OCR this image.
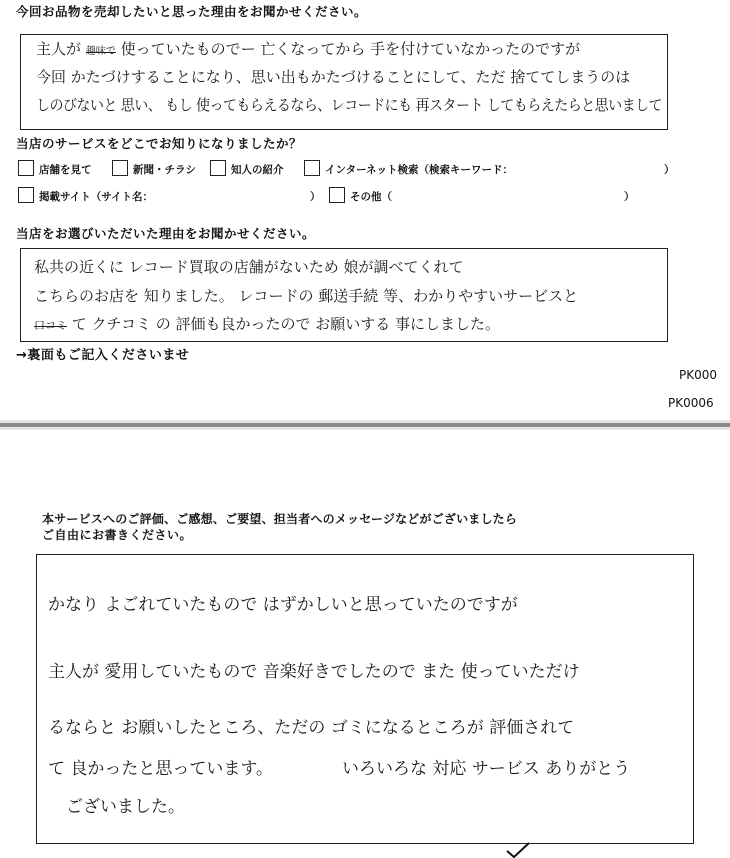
今回お品物を売却したいと思った理由をお聞かせください。
主人が 趣味で 使っていたものでー 亡くなってから 手を付けていなかったのですが
今回 かたづけすることになり、思い出もかたづけることにして、ただ 捨ててしまうのは
しのびないと 思い、 もし 使ってもらえるなら、レコードにも 再スタート してもらえたらと思いまして
当店のサービスをどこでお知りになりましたか？
店舗を見て	新聞・チラシ	知人の紹介	インターネット検索（検索キーワード：	）
掲載サイト（サイト名：	）	その他（	）
当店をお選びいただいた理由をお聞かせください。
私共の近くに レコード買取の店舗がないため 娘が調べてくれて
こちらのお店を 知りました。 レコードの 郵送手続 等、わかりやすいサービスと
口コミ て クチコミ の 評価も良かったので お願いする 事にしました。
→裏面もご記入くださいませ
PK000
PK0006
本サービスへのご評価、ご感想、ご要望、担当者へのメッセージなどがございましたら
ご自由にお書きください。
かなり よごれていたもので はずかしいと思っていたのですが
主人が 愛用していたもので 音楽好きでしたので また 使っていただけ
るならと お願いしたところ、ただの ゴミになるところが 評価されて
て 良かったと思っています。	いろいろな 対応 サービス ありがとう
ございました。
